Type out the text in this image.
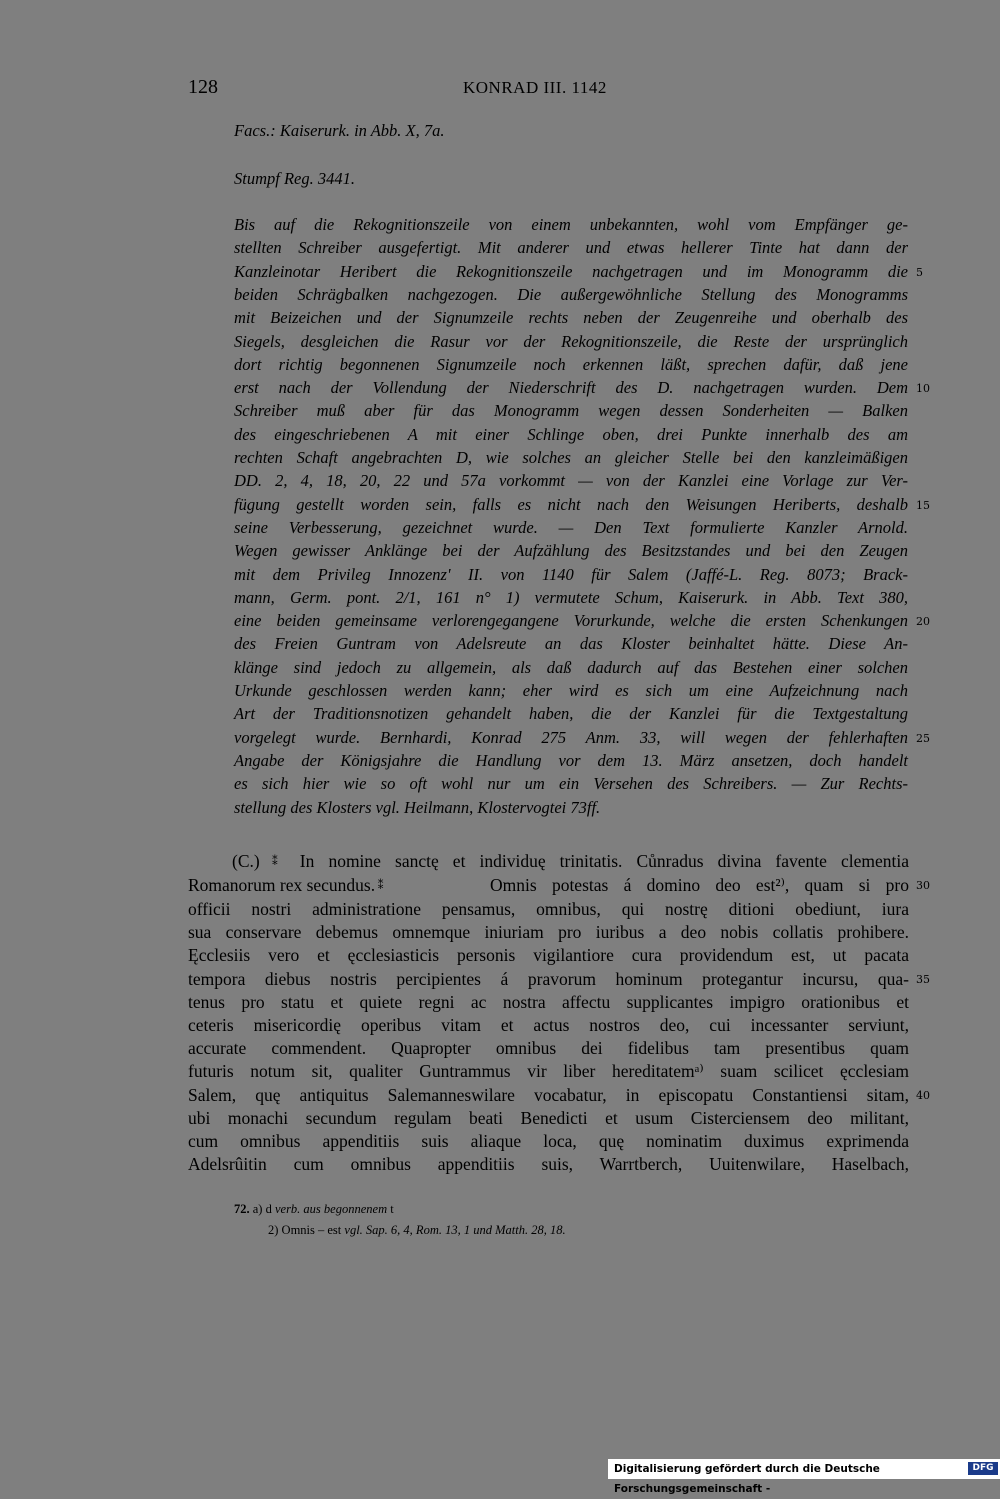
128	KONRAD III. 1142
Facs.: Kaiserurk. in Abb. X, 7a.
Stumpf Reg. 3441.
Bis auf die Rekognitionszeile von einem unbekannten, wohl vom Empfänger ge-
stellten Schreiber ausgefertigt. Mit anderer und etwas hellerer Tinte hat dann der
Kanzleinotar Heribert die Rekognitionszeile nachgetragen und im Monogramm die 5
beiden Schrägbalken nachgezogen. Die außergewöhnliche Stellung des Monogramms
mit Beizeichen und der Signumzeile rechts neben der Zeugenreihe und oberhalb des
Siegels, desgleichen die Rasur vor der Rekognitionszeile, die Reste der ursprünglich
dort richtig begonnenen Signumzeile noch erkennen läßt, sprechen dafür, daß jene
erst nach der Vollendung der Niederschrift des D. nachgetragen wurden. Dem 10
Schreiber muß aber für das Monogramm wegen dessen Sonderheiten — Balken
des eingeschriebenen A mit einer Schlinge oben, drei Punkte innerhalb des am
rechten Schaft angebrachten D, wie solches an gleicher Stelle bei den kanzleimäßigen
DD. 2, 4, 18, 20, 22 und 57a vorkommt — von der Kanzlei eine Vorlage zur Ver-
fügung gestellt worden sein, falls es nicht nach den Weisungen Heriberts, deshalb 15
seine Verbesserung, gezeichnet wurde. — Den Text formulierte Kanzler Arnold.
Wegen gewisser Anklänge bei der Aufzählung des Besitzstandes und bei den Zeugen
mit dem Privileg Innozenz' II. von 1140 für Salem (Jaffé-L. Reg. 8073; Brack-
mann, Germ. pont. 2/1, 161 n° 1) vermutete Schum, Kaiserurk. in Abb. Text 380,
eine beiden gemeinsame verlorengegangene Vorurkunde, welche die ersten Schenkungen 20
des Freien Guntram von Adelsreute an das Kloster beinhaltet hätte. Diese An-
klänge sind jedoch zu allgemein, als daß dadurch auf das Bestehen einer solchen
Urkunde geschlossen werden kann; eher wird es sich um eine Aufzeichnung nach
Art der Traditionsnotizen gehandelt haben, die der Kanzlei für die Textgestaltung
vorgelegt wurde. Bernhardi, Konrad 275 Anm. 33, will wegen der fehlerhaften 25
Angabe der Königsjahre die Handlung vor dem 13. März ansetzen, doch handelt
es sich hier wie so oft wohl nur um ein Versehen des Schreibers. — Zur Rechts-
stellung des Klosters vgl. Heilmann, Klostervogtei 73ff.
(C.) ⁑ In nomine sanctę et individuę trinitatis. Cůnradus divina favente clementia
Romanorum rex secundus. ⁑	Omnis potestas á domino deo est²⁾, quam si pro 30
officii nostri administratione pensamus, omnibus, qui nostrę ditioni obediunt, iura
sua conservare debemus omnemque iniuriam pro iuribus a deo nobis collatis prohibere.
Ęcclesiis vero et ęcclesiasticis personis vigilantiore cura providendum est, ut pacata
tempora diebus nostris percipientes á pravorum hominum protegantur incursu, qua- 35
tenus pro statu et quiete regni ac nostra affectu supplicantes impigro orationibus et
ceteris misericordię operibus vitam et actus nostros deo, cui incessanter serviunt,
accurate commendent. Quapropter omnibus dei fidelibus tam presentibus quam
futuris notum sit, qualiter Guntrammus vir liber hereditatemᵃ⁾ suam scilicet ęcclesiam
Salem, quę antiquitus Salemanneswilare vocabatur, in episcopatu Constantiensi sitam, 40
ubi monachi secundum regulam beati Benedicti et usum Cisterciensem deo militant,
cum omnibus appenditiis suis aliaque loca, quę nominatim duximus exprimenda
Adelsrûitin cum omnibus appenditiis suis, Warrtberch, Uuitenwilare, Haselbach,
72. a) d verb. aus begonnenem t
2) Omnis – est vgl. Sap. 6, 4, Rom. 13, 1 und Matth. 28, 18.
Digitalisierung gefördert durch die Deutsche Forschungsgemeinschaft -
DFG
